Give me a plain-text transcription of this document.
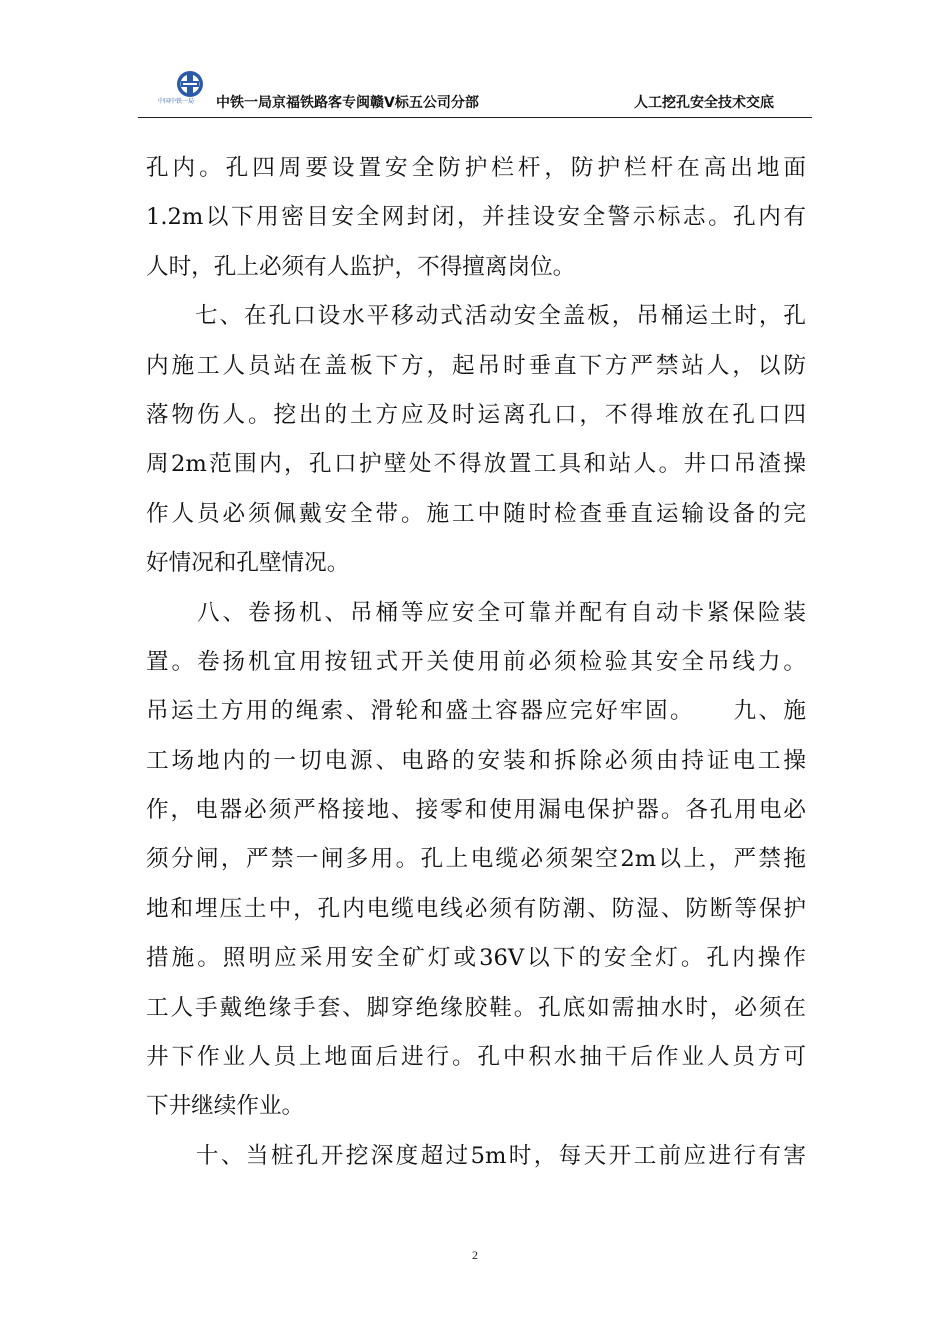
中国中铁一局 中铁一局京福铁路客专闽赣Ⅴ标五公司分部	人工挖孔安全技术交底
孔内。孔四周要设置安全防护栏杆，防护栏杆在高出地面
1.2m以下用密目安全网封闭，并挂设安全警示标志。孔内有
人时，孔上必须有人监护，不得擅离岗位。
　　七、在孔口设水平移动式活动安全盖板，吊桶运土时，孔
内施工人员站在盖板下方，起吊时垂直下方严禁站人，以防
落物伤人。挖出的土方应及时运离孔口，不得堆放在孔口四
周2m范围内，孔口护壁处不得放置工具和站人。井口吊渣操
作人员必须佩戴安全带。施工中随时检查垂直运输设备的完
好情况和孔壁情况。
　　八、卷扬机、吊桶等应安全可靠并配有自动卡紧保险装
置。卷扬机宜用按钮式开关使用前必须检验其安全吊线力。
吊运土方用的绳索、滑轮和盛土容器应完好牢固。　　九、施
工场地内的一切电源、电路的安装和拆除必须由持证电工操
作，电器必须严格接地、接零和使用漏电保护器。各孔用电必
须分闸，严禁一闸多用。孔上电缆必须架空2m以上，严禁拖
地和埋压土中，孔内电缆电线必须有防潮、防湿、防断等保护
措施。照明应采用安全矿灯或36V以下的安全灯。孔内操作
工人手戴绝缘手套、脚穿绝缘胶鞋。孔底如需抽水时，必须在
井下作业人员上地面后进行。孔中积水抽干后作业人员方可
下井继续作业。
　　十、当桩孔开挖深度超过5m时，每天开工前应进行有害
2
